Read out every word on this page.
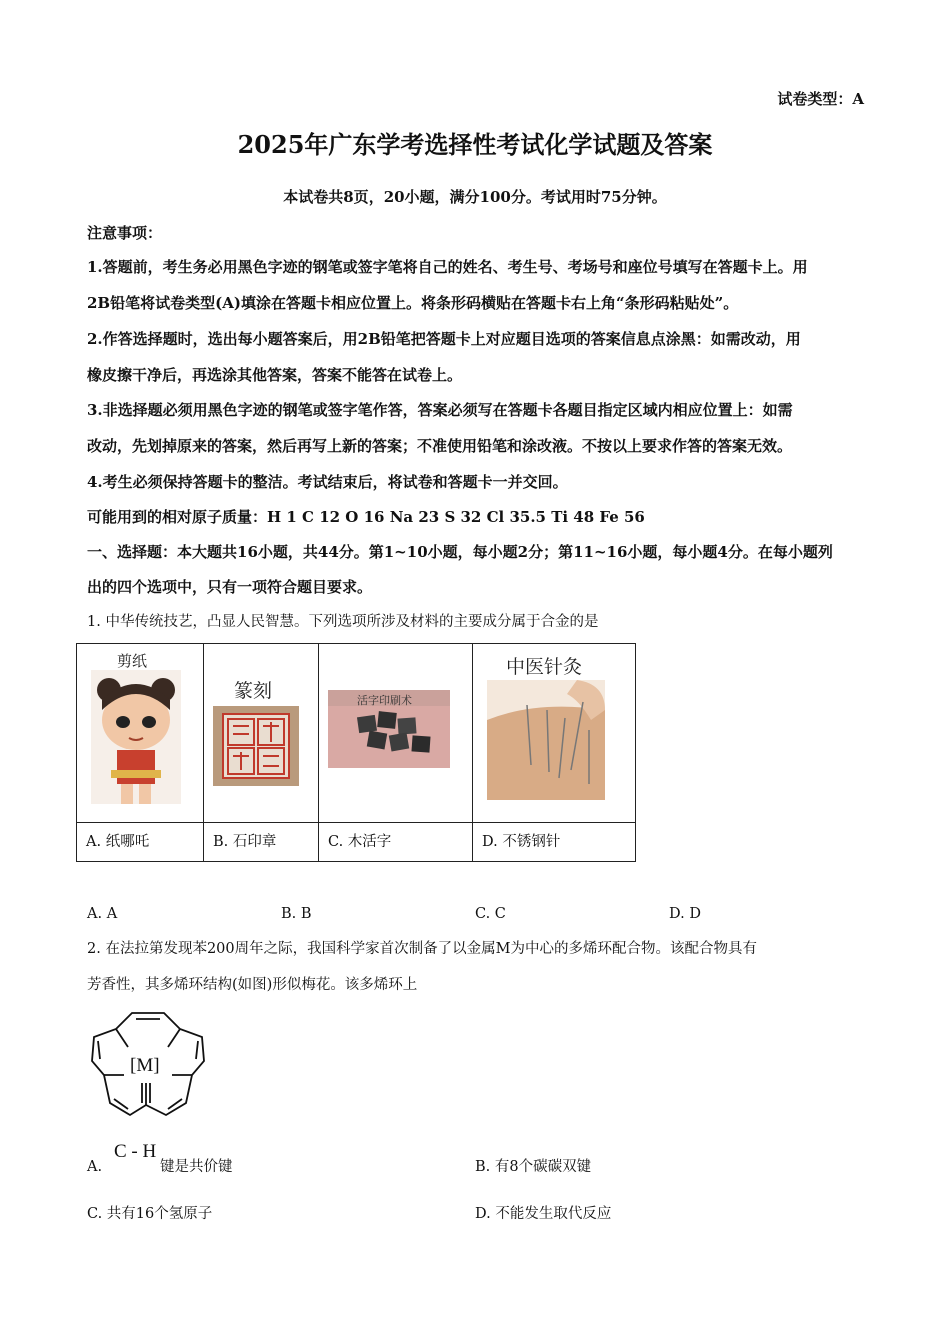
试卷类型：A
2025年广东学考选择性考试化学试题及答案
本试卷共8页，20小题，满分100分。考试用时75分钟。
注意事项：
1.答题前，考生务必用黑色字迹的钢笔或签字笔将自己的姓名、考生号、考场号和座位号填写在答题卡上。用
2B铅笔将试卷类型(A)填涂在答题卡相应位置上。将条形码横贴在答题卡右上角“条形码粘贴处”。
2.作答选择题时，选出每小题答案后，用2B铅笔把答题卡上对应题目选项的答案信息点涂黑：如需改动，用
橡皮擦干净后，再选涂其他答案，答案不能答在试卷上。
3.非选择题必须用黑色字迹的钢笔或签字笔作答，答案必须写在答题卡各题目指定区域内相应位置上：如需
改动，先划掉原来的答案，然后再写上新的答案；不准使用铅笔和涂改液。不按以上要求作答的答案无效。
4.考生必须保持答题卡的整洁。考试结束后，将试卷和答题卡一并交回。
可能用到的相对原子质量：H 1 C 12 O 16 Na 23 S 32 Cl 35.5 Ti 48 Fe 56
一、选择题：本大题共16小题，共44分。第1~10小题，每小题2分；第11~16小题，每小题4分。在每小题列
出的四个选项中，只有一项符合题目要求。
1. 中华传统技艺，凸显人民智慧。下列选项所涉及材料的主要成分属于合金的是
剪纸	篆刻	活字印刷术	中医针灸

A. 纸哪吒	B. 石印章	C. 木活字	D. 不锈钢针
A. A	B. B	C. C	D. D
2. 在法拉第发现苯200周年之际，我国科学家首次制备了以金属M为中心的多烯环配合物。该配合物具有
芳香性，其多烯环结构(如图)形似梅花。该多烯环上
[M]
A.
C - H
键是共价键	B. 有8个碳碳双键
C. 共有16个氢原子	D. 不能发生取代反应
